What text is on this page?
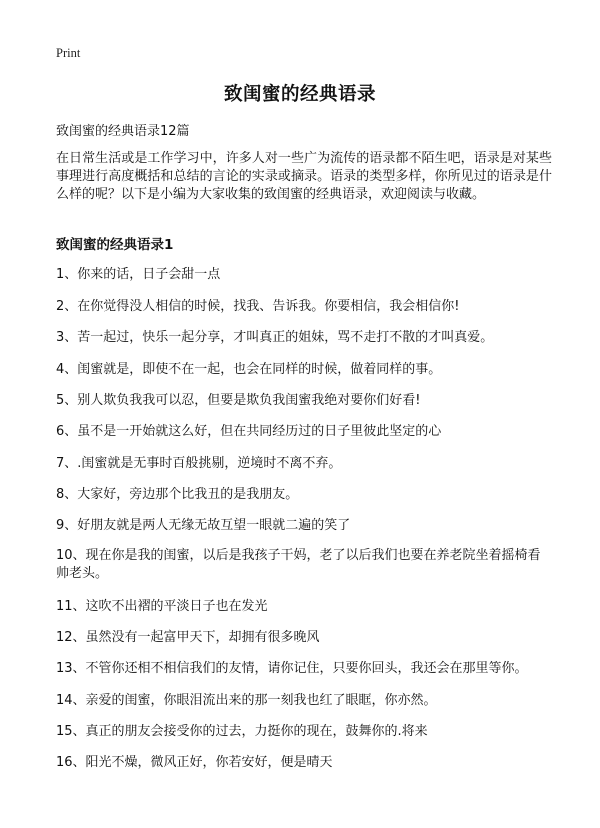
Print
致闺蜜的经典语录
致闺蜜的经典语录12篇
在日常生活或是工作学习中，许多人对一些广为流传的语录都不陌生吧，语录是对某些事理进行高度概括和总结的言论的实录或摘录。语录的类型多样，你所见过的语录是什么样的呢？以下是小编为大家收集的致闺蜜的经典语录，欢迎阅读与收藏。
致闺蜜的经典语录1
1、你来的话，日子会甜一点
2、在你觉得没人相信的时候，找我、告诉我。你要相信，我会相信你!
3、苦一起过，快乐一起分享，才叫真正的姐妹，骂不走打不散的才叫真爱。
4、闺蜜就是，即使不在一起，也会在同样的时候，做着同样的事。
5、别人欺负我我可以忍，但要是欺负我闺蜜我绝对要你们好看!
6、虽不是一开始就这么好，但在共同经历过的日子里彼此坚定的心
7、.闺蜜就是无事时百般挑剔，逆境时不离不弃。
8、大家好，旁边那个比我丑的是我朋友。
9、好朋友就是两人无缘无故互望一眼就二遍的笑了
10、现在你是我的闺蜜，以后是我孩子干妈，老了以后我们也要在养老院坐着摇椅看帅老头。
11、这吹不出褶的平淡日子也在发光
12、虽然没有一起富甲天下，却拥有很多晚风
13、不管你还相不相信我们的友情，请你记住，只要你回头，我还会在那里等你。
14、亲爱的闺蜜，你眼泪流出来的那一刻我也红了眼眶，你亦然。
15、真正的朋友会接受你的过去，力挺你的现在，鼓舞你的.将来
16、阳光不燥，微风正好，你若安好，便是晴天
